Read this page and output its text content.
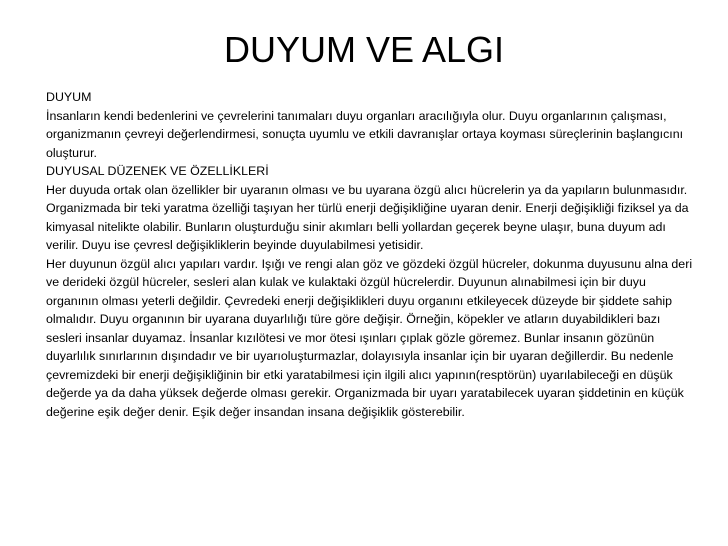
DUYUM VE ALGI
DUYUM

İnsanların kendi bedenlerini ve çevrelerini tanımaları duyu organları aracılığıyla olur. Duyu organlarının çalışması, organizmanın çevreyi değerlendirmesi, sonuçta uyumlu ve etkili davranışlar ortaya koyması süreçlerinin başlangıcını oluşturur.

DUYUSAL DÜZENEK VE ÖZELLİKLERİ

Her duyuda ortak olan özellikler bir uyaranın olması ve bu uyarana özgü alıcı hücrelerin ya da yapıların bulunmasıdır. Organizmada bir teki yaratma özelliği taşıyan her türlü enerji değişikliğine uyaran denir. Enerji değişikliği fiziksel ya da kimyasal nitelikte olabilir. Bunların oluşturduğu sinir akımları belli yollardan geçerek beyne ulaşır, buna duyum adı verilir. Duyu ise çevresl değişikliklerin beyinde duyulabilmesi yetisidir.

Her duyunun özgül alıcı yapıları vardır. Işığı ve rengi alan göz ve gözdeki özgül hücreler, dokunma duyusunu alna deri ve derideki özgül hücreler, sesleri alan kulak ve kulaktaki özgül hücrelerdir. Duyunun alınabilmesi için bir duyu organının olması yeterli değildir. Çevredeki enerji değişiklikleri duyu organını etkileyecek düzeyde bir şiddete sahip olmalıdır. Duyu organının bir uyarana duyarlılığı türe göre değişir. Örneğin, köpekler ve atların duyabildikleri bazı sesleri insanlar duyamaz. İnsanlar kızılötesi ve mor ötesi ışınları çıplak gözle göremez. Bunlar insanın gözünün duyarlılık sınırlarının dışındadır ve bir uyarıoluşturmazlar, dolayısıyla insanlar için bir uyaran değillerdir. Bu nedenle çevremizdeki bir enerji değişikliğinin bir etki yaratabilmesi için ilgili alıcı yapının(resptörün) uyarılabileceği en düşük değerde ya da daha yüksek değerde olması gerekir. Organizmada bir uyarı yaratabilecek uyaran şiddetinin en küçük değerine eşik değer denir. Eşik değer insandan insana değişiklik gösterebilir.
